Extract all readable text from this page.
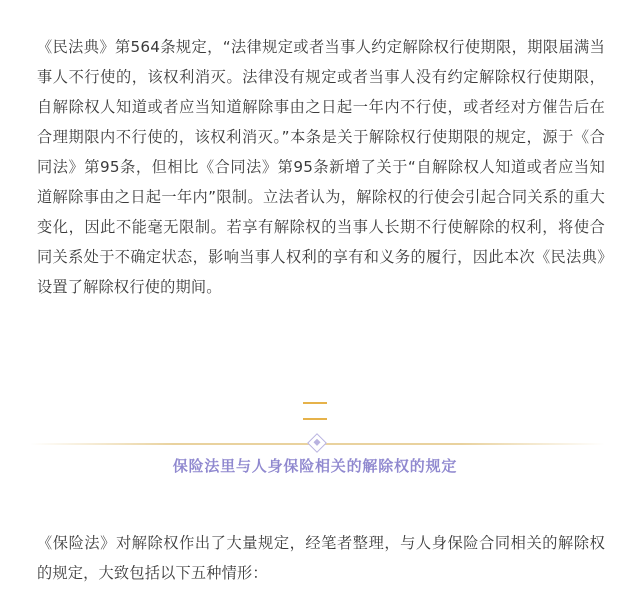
《民法典》第564条规定，“法律规定或者当事人约定解除权行使期限，期限届满当事人不行使的，该权利消灭。法律没有规定或者当事人没有约定解除权行使期限，自解除权人知道或者应当知道解除事由之日起一年内不行使，或者经对方催告后在合理期限内不行使的，该权利消灭。”本条是关于解除权行使期限的规定，源于《合同法》第95条，但相比《合同法》第95条新增了关于“自解除权人知道或者应当知道解除事由之日起一年内”限制。立法者认为，解除权的行使会引起合同关系的重大变化，因此不能毫无限制。若享有解除权的当事人长期不行使解除的权利，将使合同关系处于不确定状态，影响当事人权利的享有和义务的履行，因此本次《民法典》设置了解除权行使的期间。

保险法里与人身保险相关的解除权的规定

《保险法》对解除权作出了大量规定，经笔者整理，与人身保险合同相关的解除权的规定，大致包括以下五种情形：
